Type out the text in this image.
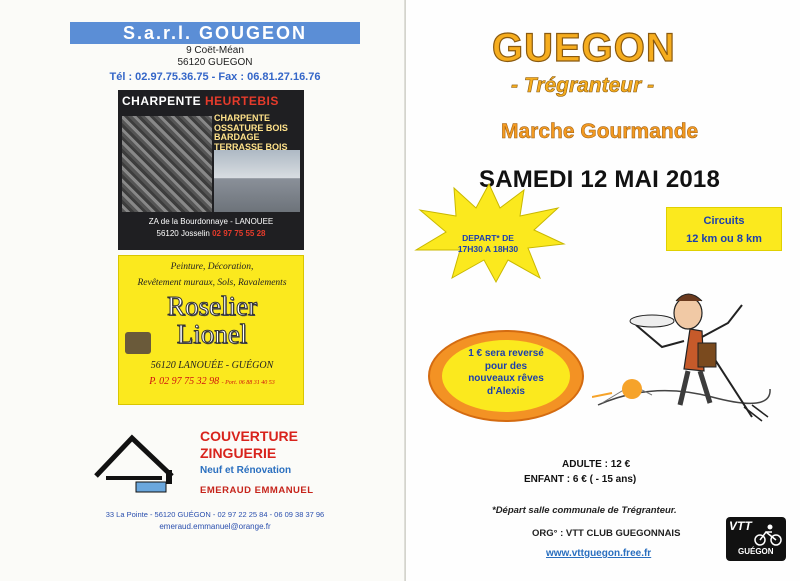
S.a.r.l. GOUGEON
9 Coët-Méan
56120 GUEGON
Tél : 02.97.75.36.75 - Fax : 06.81.27.16.76
CHARPENTE HEURTEBIS
CHARPENTE
OSSATURE BOIS
BARDAGE
TERRASSE BOIS
ZA de la Bourdonnaye - LANOUEE
56120 Josselin 02 97 75 55 28
Peinture, Décoration,
Revêtement muraux, Sols, Ravalements
Roselier
Lionel
56120 LANOUÉE - GUÉGON
P. 02 97 75 32 98 - Port. 06 88 31 40 53
COUVERTURE
ZINGUERIE
Neuf et Rénovation
EMERAUD EMMANUEL
33 La Pointe - 56120 GUÉGON - 02 97 22 25 84 - 06 09 38 37 96
emeraud.emmanuel@orange.fr
GUEGON
- Trégranteur -
Marche Gourmande
SAMEDI 12 MAI 2018
Circuits
12 km ou 8 km
DEPART* DE
17H30 A 18H30
1 € sera reversé
pour des
nouveaux rêves
d'Alexis
ADULTE : 12 €
ENFANT : 6 € ( - 15 ans)
*Départ salle communale de Trégranteur.
ORG° : VTT CLUB GUEGONNAIS
www.vttguegon.free.fr
VTT
GUÉGON
